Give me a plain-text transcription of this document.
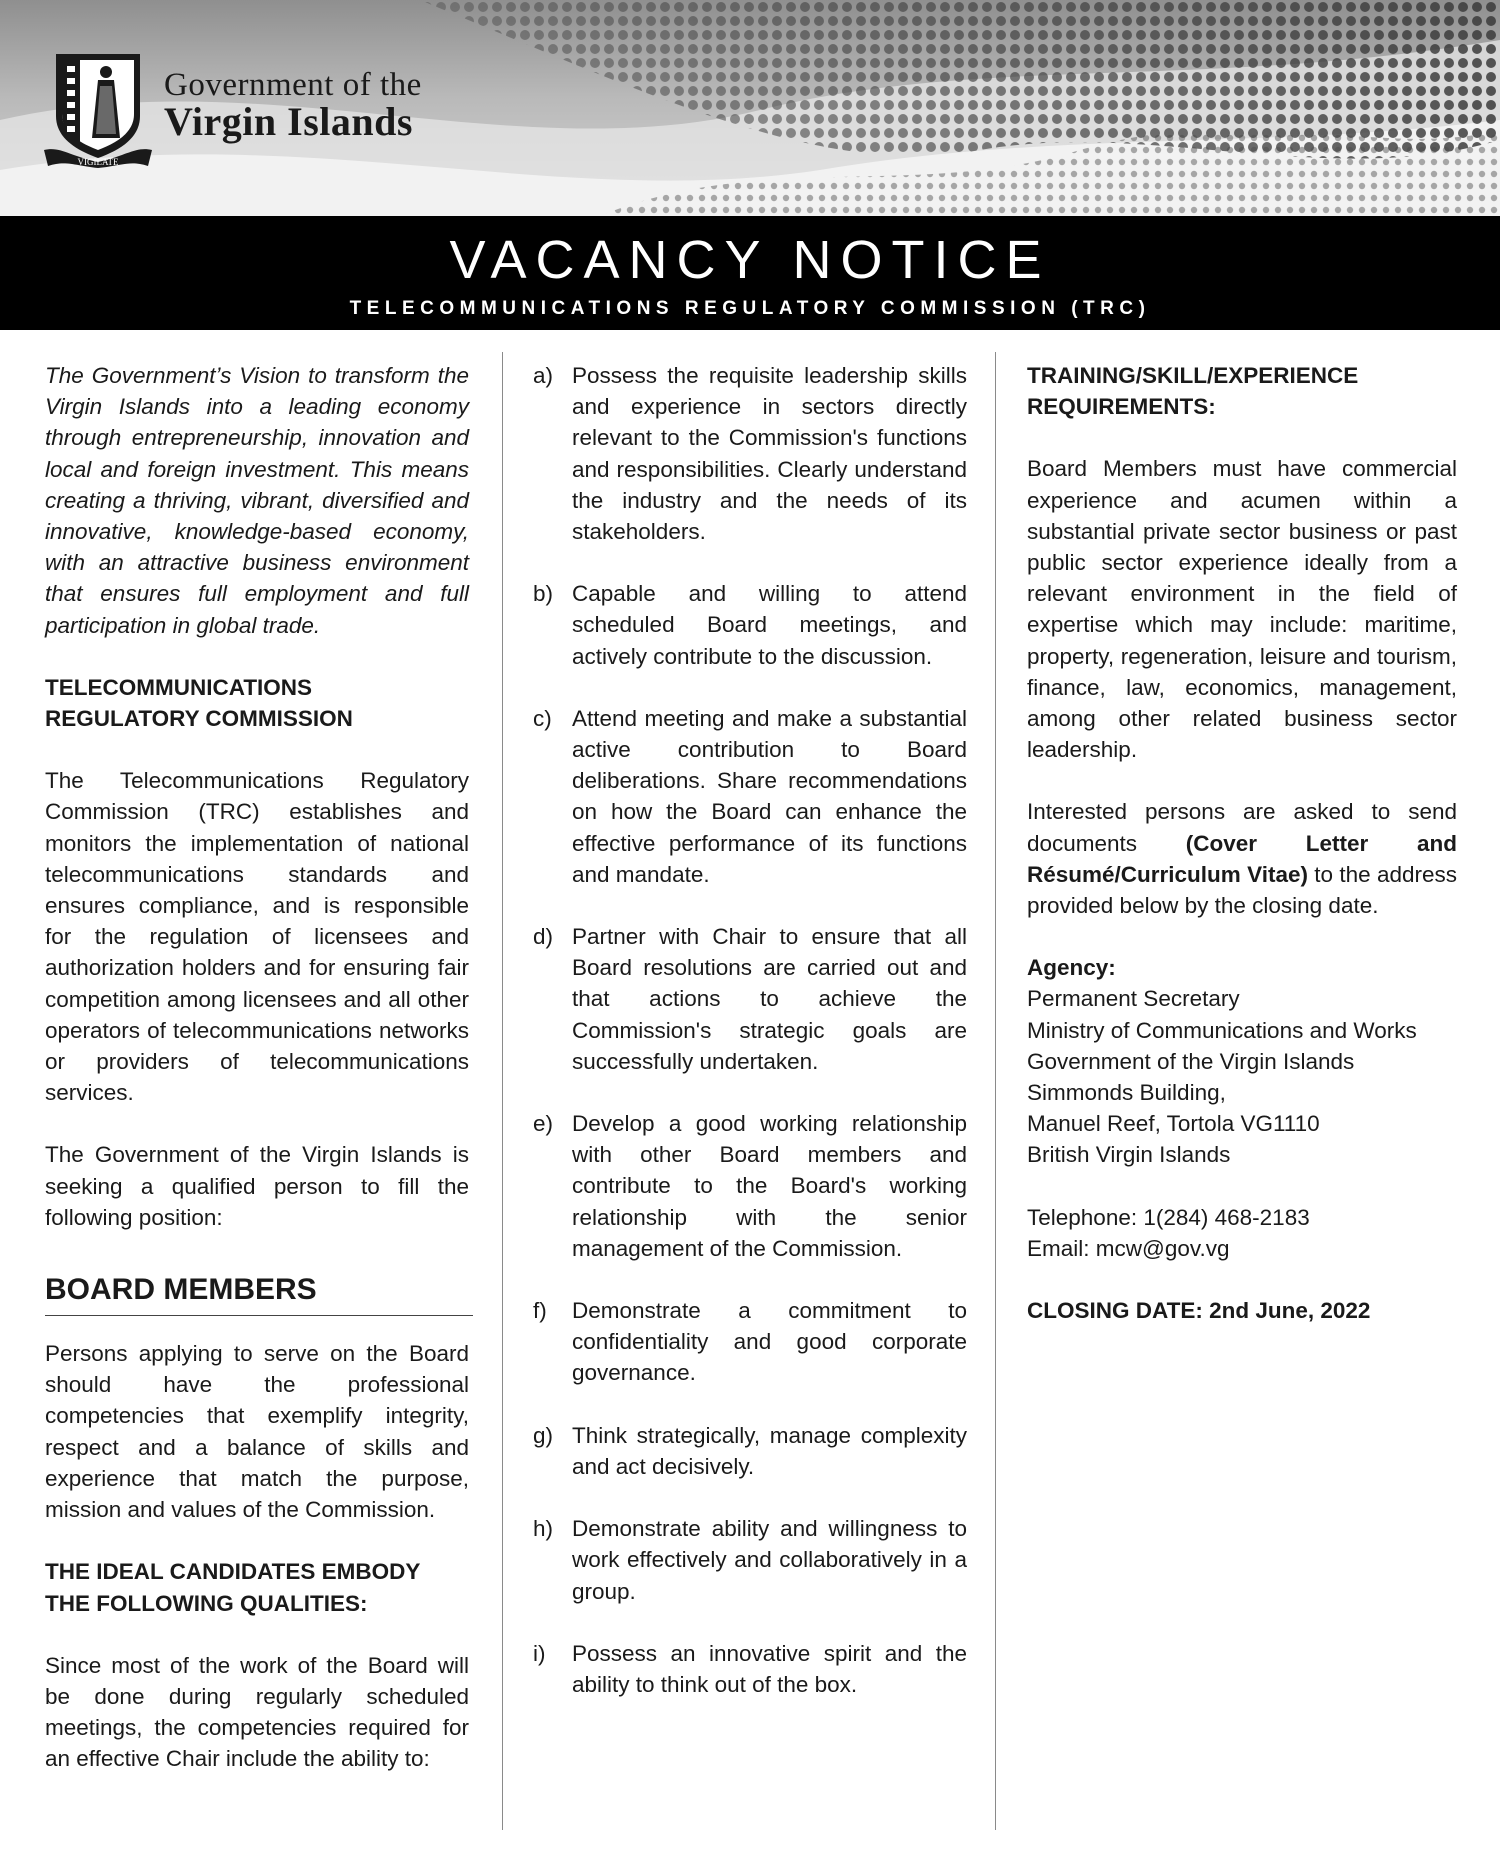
VIGILATE
Government of the
Virgin Islands
VACANCY NOTICE
TELECOMMUNICATIONS REGULATORY COMMISSION (TRC)

The Government’s Vision to transform the Virgin Islands into a leading economy through entrepreneurship, innovation and local and foreign investment. This means creating a thriving, vibrant, diversified and innovative, knowledge-based economy, with an attractive business environment that ensures full employment and full participation in global trade.

TELECOMMUNICATIONS REGULATORY COMMISSION

The Telecommunications Regulatory Commission (TRC) establishes and monitors the implementation of national telecommunications standards and ensures compliance, and is responsible for the regulation of licensees and authorization holders and for ensuring fair competition among licensees and all other operators of telecommunications networks or providers of telecommunications services.

The Government of the Virgin Islands is seeking a qualified person to fill the following position:

BOARD MEMBERS

Persons applying to serve on the Board should have the professional competencies that exemplify integrity, respect and a balance of skills and experience that match the purpose, mission and values of the Commission.

THE IDEAL CANDIDATES EMBODY THE FOLLOWING QUALITIES:

Since most of the work of the Board will be done during regularly scheduled meetings, the competencies required for an effective Chair include the ability to:

a) Possess the requisite leadership skills and experience in sectors directly relevant to the Commission's functions and responsibilities. Clearly understand the industry and the needs of its stakeholders.
b) Capable and willing to attend scheduled Board meetings, and actively contribute to the discussion.
c) Attend meeting and make a substantial active contribution to Board deliberations. Share recommendations on how the Board can enhance the effective performance of its functions and mandate.
d) Partner with Chair to ensure that all Board resolutions are carried out and that actions to achieve the Commission's strategic goals are successfully undertaken.
e) Develop a good working relationship with other Board members and contribute to the Board's working relationship with the senior management of the Commission.
f)	Demonstrate a commitment to confidentiality and good corporate governance.
g) Think strategically, manage complexity and act decisively.
h) Demonstrate ability and willingness to work effectively and collaboratively in a group.
i)	Possess an innovative spirit and the ability to think out of the box.

TRAINING/SKILL/EXPERIENCE REQUIREMENTS:

Board Members must have commercial experience and acumen within a substantial private sector business or past public sector experience ideally from a relevant environment in the field of expertise which may include: maritime, property, regeneration, leisure and tourism, finance, law, economics, management, among other related business sector leadership.

Interested persons are asked to send documents (Cover Letter and Résumé/Curriculum Vitae) to the address provided below by the closing date.

Agency:

Permanent Secretary

Ministry of Communications and Works

Government of the Virgin Islands

Simmonds Building,

Manuel Reef, Tortola VG1110

British Virgin Islands

Telephone: 1(284) 468-2183

Email: mcw@gov.vg

CLOSING DATE: 2nd June, 2022
